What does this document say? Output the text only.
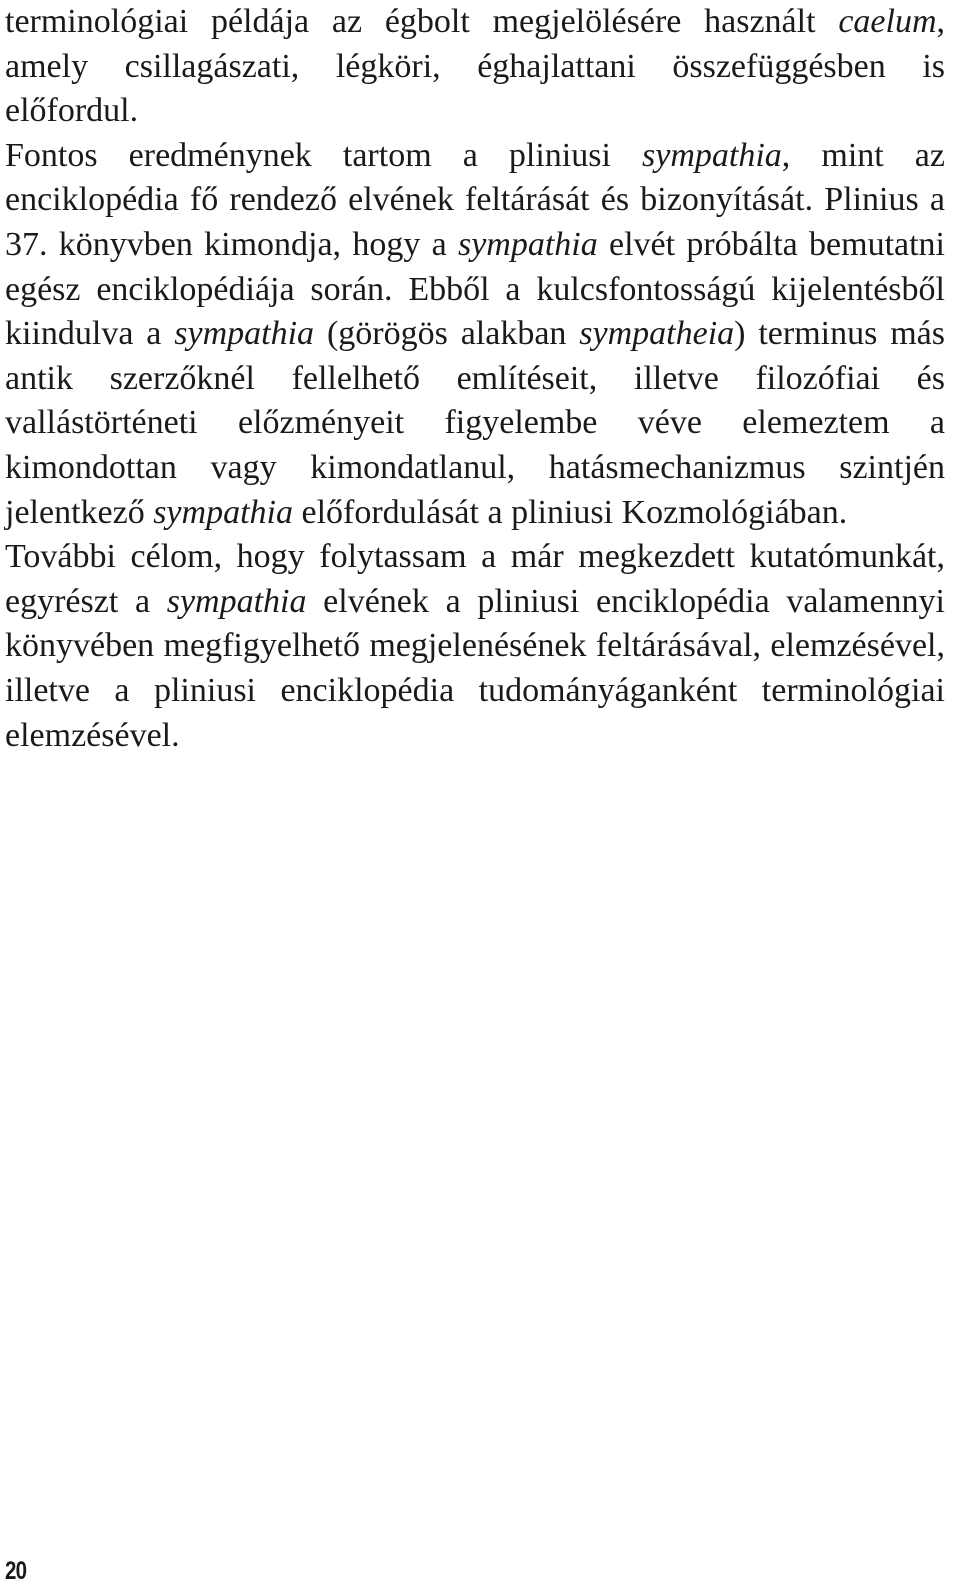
terminológiai példája az égbolt megjelölésére használt caelum, amely csillagászati, légköri, éghajlattani összefüggésben is előfordul.

Fontos eredménynek tartom a pliniusi sympathia, mint az enciklopédia fő rendező elvének feltárását és bizonyítását. Plinius a 37. könyvben kimondja, hogy a sympathia elvét próbálta bemutatni egész enciklopédiája során. Ebből a kulcsfontosságú kijelentésből kiindulva a sympathia (görögös alakban sympatheia) terminus más antik szerzőknél fellelhető említéseit, illetve filozófiai és vallástörténeti előzményeit figyelembe véve elemeztem a kimondottan vagy kimondatlanul, hatásmechanizmus szintjén jelentkező sympathia előfordulását a pliniusi Kozmológiában.

További célom, hogy folytassam a már megkezdett kutatómunkát, egyrészt a sympathia elvének a pliniusi enciklopédia valamennyi könyvében megfigyelhető megjelenésének feltárásával, elemzésével, illetve a pliniusi enciklopédia tudományáganként terminológiai elemzésével.

20
